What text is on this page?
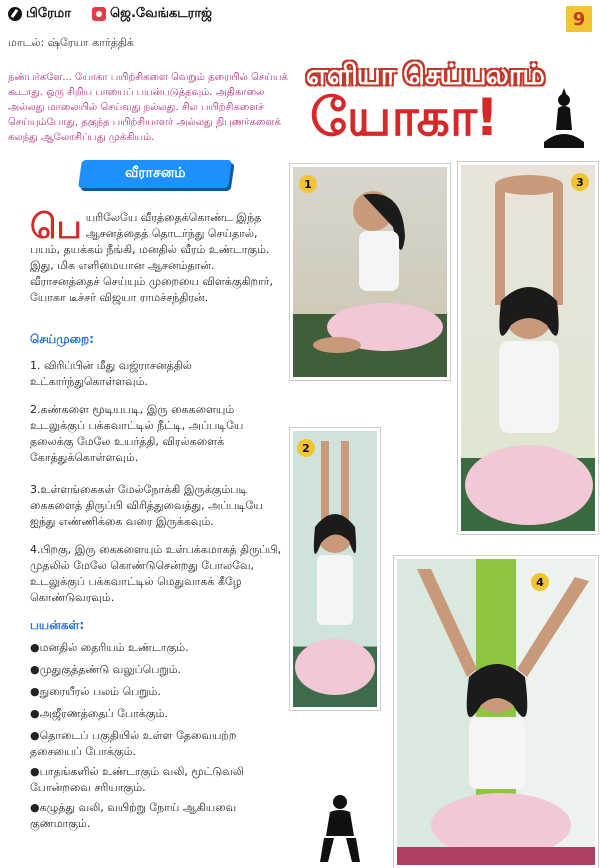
பிரேமா	ஜெ.வேங்கடராஜ்	9
மாடல்: ஷ்ரேயா கார்த்திக்
நண்பர்களே... யோகா பயிற்சிகளை வெறும் தரையில் செய்யக் கூடாது. ஒரு சிறிய பாயைப் பயன்படுத்தவும். அதிகாலை அல்லது மாலையில் செய்வது நல்லது. சில பயிற்சிகளைச் செய்யும்போது, தகுந்த பயிற்சியாளர் அல்லது நிபுணர்களைக் கலந்து ஆலோசிப்பது முக்கியம்.
எளியா செய்யலாம்
யோகா!
வீராசனம்
பெ யரிலேயே வீரத்தைக்கொண்ட இந்த ஆசனத்தைத் தொடர்ந்து செய்தால், பயம், தயக்கம் நீங்கி, மனதில் வீரம் உண்டாகும். இது, மிக எளிமையான ஆசனம்தான். வீராசனத்தைச் செய்யும் முறையை விளக்குகிறார், யோகா டீச்சர் விஜயா ராமச்சந்திரன்.
செய்முறை:
1. விரிப்பின் மீது வஜ்ராசனத்தில் உட்கார்ந்துகொள்ளவும்.
2.கண்களை மூடியபடி, இரு கைகளையும் உடலுக்குப் பக்கவாட்டில் நீட்டி, அப்படியே தலைக்கு மேலே உயர்த்தி, விரல்களைக் கோத்துக்கொள்ளவும்.
3.உள்ளங்கைகள் மேல்நோக்கி இருக்கும்படி கைகளைத் திருப்பி விரித்துவைத்து, அப்படியே ஐந்து எண்ணிக்கை வரை இருக்கவும்.
4.பிறகு, இரு கைகளையும் உள்பக்கமாகத் திருப்பி, முதலில் மேலே கொண்டுசென்றது போலவே, உடலுக்குப் பக்கவாட்டில் மெதுவாகக் கீழே கொண்டுவரவும்.
பயன்கள்:
●மனதில் தைரியம் உண்டாகும்.
●முதுகுத்தண்டு வலுப்பெறும்.
●நுரையீரல் பலம் பெறும்.
●அஜீரணத்தைப் போக்கும்.
●தொடைப் பகுதியில் உள்ள தேவையற்ற தசையைப் போக்கும்.
●பாதங்களில் உண்டாகும் வலி, மூட்டுவலி போன்றவை சரியாகும்.
●கழுத்து வலி, வயிற்று நோய் ஆகியவை குணமாகும்.
1
2
3
4
